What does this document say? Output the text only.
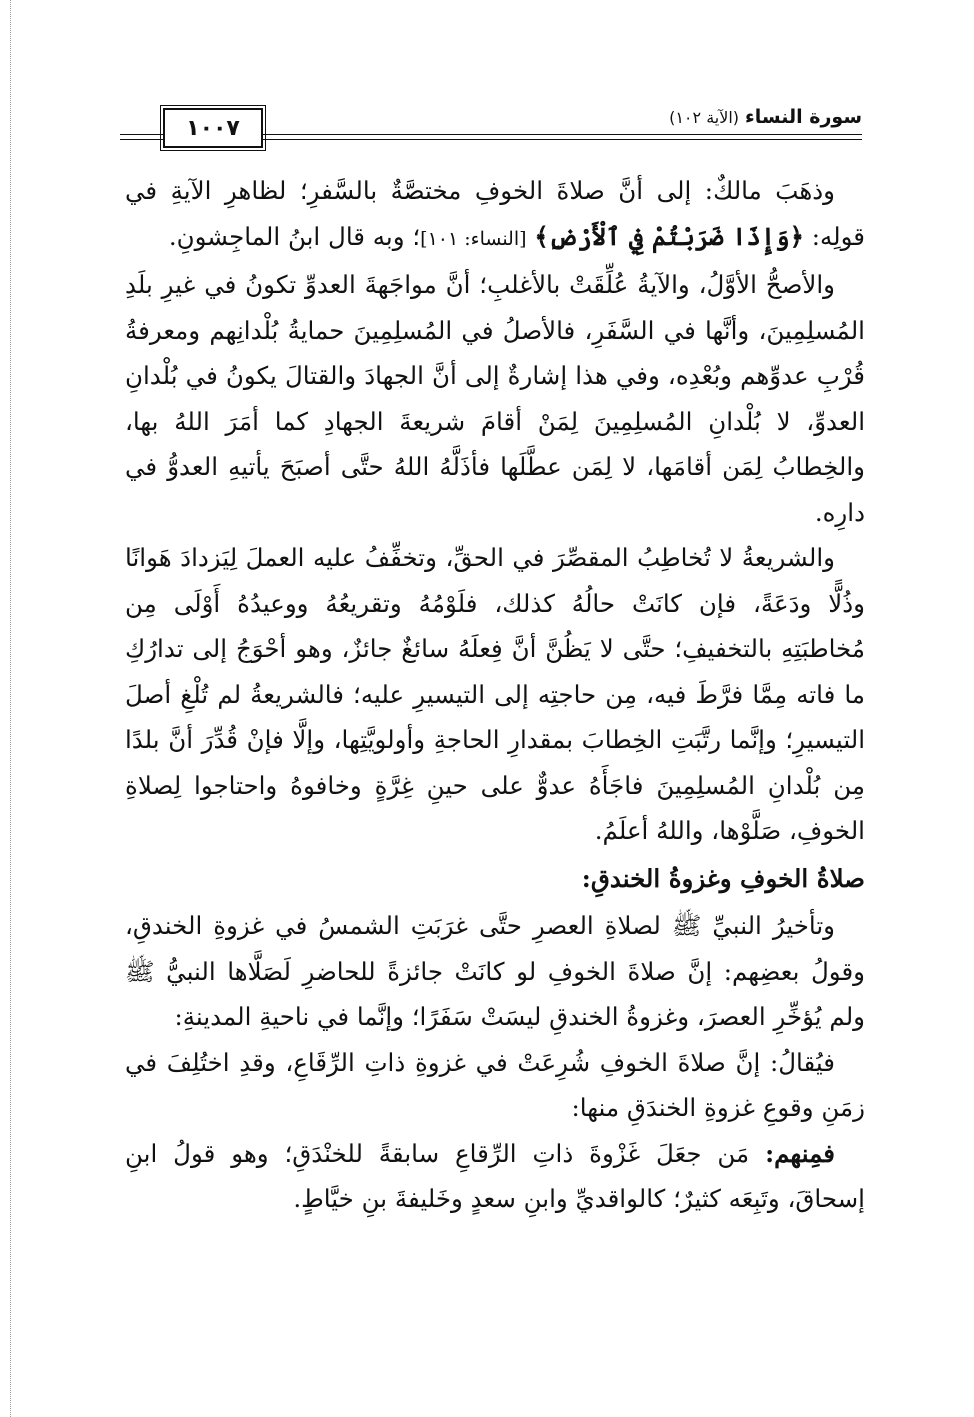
١٠٠٧	سورة النساء
(الآية ١٠٢)

وذهَبَ مالكٌ: إلى أنَّ صلاةَ الخوفِ مختصَّةٌ بالسَّفرِ؛ لظاهرِ الآيةِ في قولِه: ﴿وَإِذَا ضَرَبْتُمْ فِي ٱلْأَرْضِ﴾ [النساء: ١٠١]؛ وبه قال ابنُ الماجِشونِ.

والأصحُّ الأوَّلُ، والآيةُ عُلِّقَتْ بالأغلبِ؛ أنَّ مواجَهةَ العدوِّ تكونُ في غيرِ بلَدِ المُسلِمِينَ، وأنَّها في السَّفَرِ، فالأصلُ في المُسلِمِينَ حمايةُ بُلْدانِهم ومعرفةُ قُرْبِ عدوِّهم وبُعْدِه، وفي هذا إشارةٌ إلى أنَّ الجهادَ والقتالَ يكونُ في بُلْدانِ العدوِّ، لا بُلْدانِ المُسلِمِينَ لِمَنْ أقامَ شريعةَ الجهادِ كما أمَرَ اللهُ بها، والخِطابُ لِمَن أقامَها، لا لِمَن عطَّلَها فأذَلَّهُ اللهُ حتَّى أصبَحَ يأتيهِ العدوُّ في دارِه.

والشريعةُ لا تُخاطِبُ المقصِّرَ في الحقِّ، وتخفِّفُ عليه العملَ لِيَزدادَ هَوانًا وذُلًّا ودَعَةً، فإن كانَتْ حالُهُ كذلك، فلَوْمُهُ وتقريعُهُ ووعيدُهُ أَوْلَى مِن مُخاطبَتِهِ بالتخفيفِ؛ حتَّى لا يَظُنَّ أنَّ فِعلَهُ سائغٌ جائزٌ، وهو أحْوَجُ إلى تدارُكِ ما فاته مِمَّا فرَّطَ فيه، مِن حاجتِه إلى التيسيرِ عليه؛ فالشريعةُ لم تُلْغِ أصلَ التيسيرِ؛ وإنَّما رتَّبَتِ الخِطابَ بمقدارِ الحاجةِ وأولويَّتِها، وإلَّا فإنْ قُدِّرَ أنَّ بلدًا مِن بُلْدانِ المُسلِمِينَ فاجَأَهُ عدوٌّ على حينِ غِرَّةٍ وخافوهُ واحتاجوا لِصلاةِ الخوفِ، صَلَّوْها، واللهُ أعلَمُ.

صلاةُ الخوفِ وغزوةُ الخندقِ:

وتأخيرُ النبيِّ ﷺ لصلاةِ العصرِ حتَّى غرَبَتِ الشمسُ في غزوةِ الخندقِ، وقولُ بعضِهم: إنَّ صلاةَ الخوفِ لو كانَتْ جائزةً للحاضرِ لَصَلَّاها النبيُّ ﷺ ولم يُؤخِّرِ العصرَ، وغزوةُ الخندقِ ليسَتْ سَفَرًا؛ وإنَّما في ناحيةِ المدينةِ:

فيُقالُ: إنَّ صلاةَ الخوفِ شُرِعَتْ في غزوةِ ذاتِ الرِّقَاعِ، وقدِ اختُلِفَ في زمَنِ وقوعِ غزوةِ الخندَقِ منها:

فمِنهم: مَن جعَلَ غَزْوةَ ذاتِ الرِّقاعِ سابقةً للخنْدَقِ؛ وهو قولُ ابنِ إسحاقَ، وتَبِعَه كثيرٌ؛ كالواقديِّ وابنِ سعدٍ وخَليفةَ بنِ خيَّاطٍ.
